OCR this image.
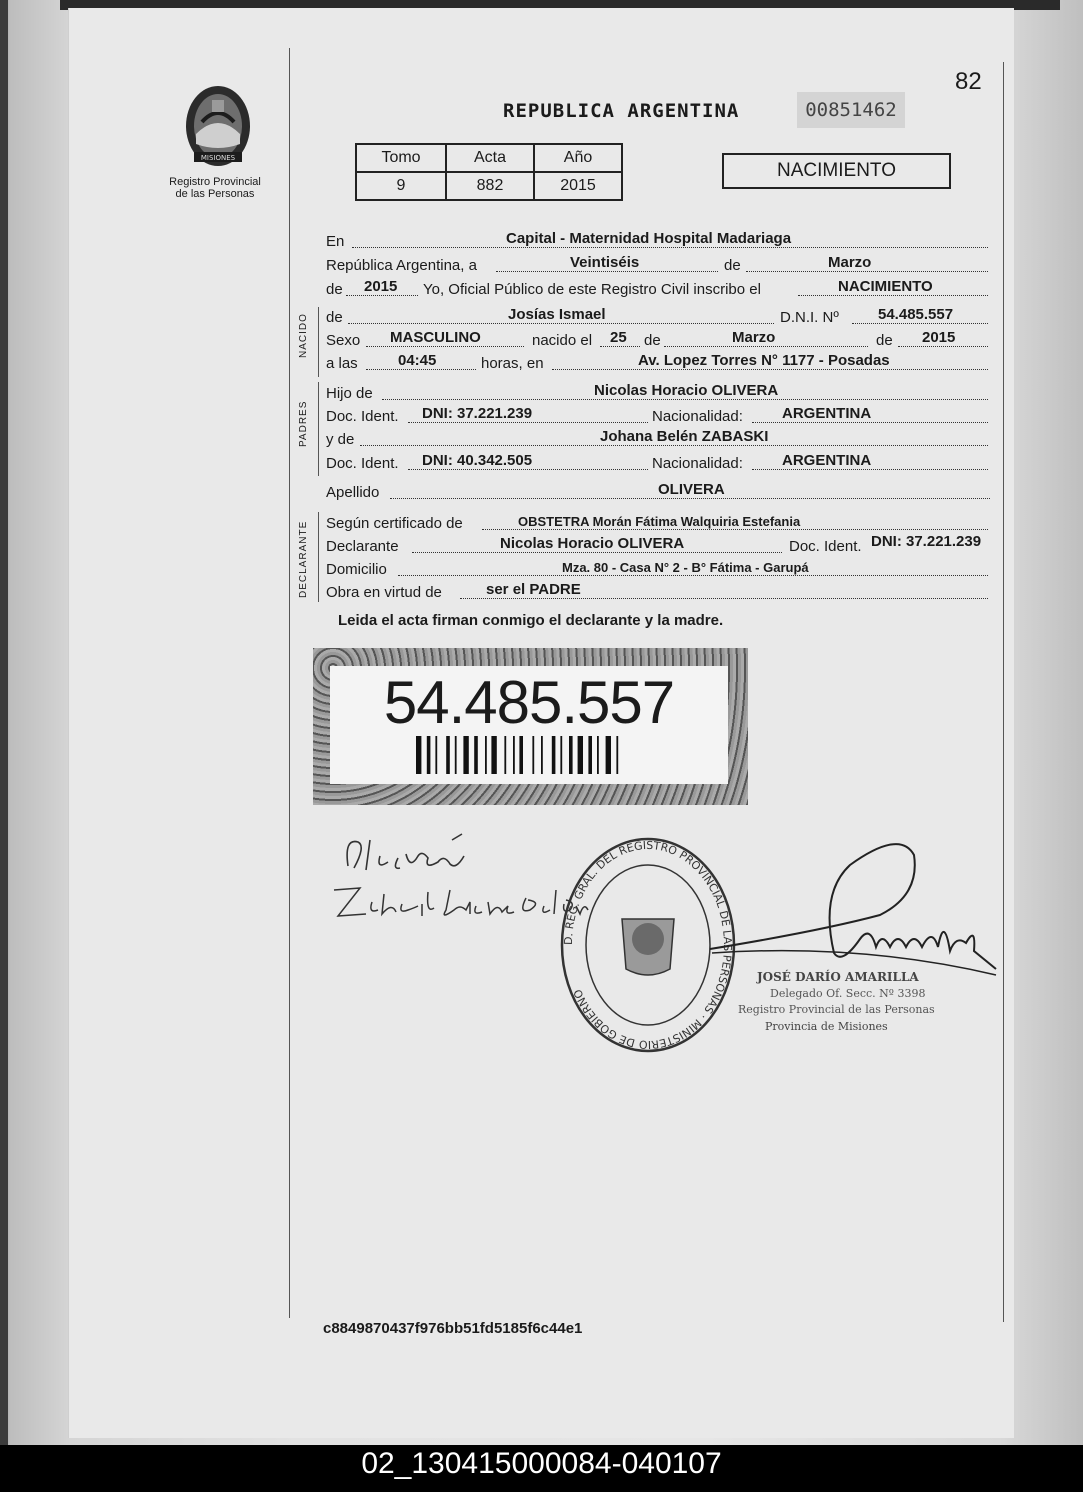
82
MISIONES
Registro Provincial
de las Personas
REPUBLICA ARGENTINA	00851462
Tomo	Acta	Año
9	882	2015
NACIMIENTO
En	Capital - Maternidad Hospital Madariaga
República Argentina, a	Veintiséis	de	Marzo
de 2015 Yo, Oficial Público de este Registro Civil inscribo el	NACIMIENTO
de	Josías Ismael	D.N.I. Nº	54.485.557
Sexo MASCULINO	nacido el 25 de	Marzo	de 2015
a las	04:45	horas, en	Av. Lopez Torres N° 1177 - Posadas
Hijo de	Nicolas Horacio OLIVERA
Doc. Ident. DNI: 37.221.239	Nacionalidad:	ARGENTINA
y de	Johana Belén ZABASKI
Doc. Ident. DNI: 40.342.505	Nacionalidad:	ARGENTINA
Apellido	OLIVERA
Según certificado de	OBSTETRA Morán Fátima Walquiria Estefania
Declarante	Nicolas Horacio OLIVERA	Doc. Ident. DNI: 37.221.239
Domicilio	Mza. 80 - Casa N° 2 - B° Fátima - Garupá
Obra en virtud de	ser el PADRE
NACIDO
PADRES
DECLARANTE
Leida el acta firman conmigo el declarante y la madre.
54.485.557
D. REG. GRAL. DEL REGISTRO PROVINCIAL DE LAS PERSONAS · MINISTERIO DE GOBIERNO
JOSÉ DARÍO AMARILLA
Delegado Of. Secc. Nº 3398
Registro Provincial de las Personas
Provincia de Misiones
c8849870437f976bb51fd5185f6c44e1
02_130415000084-040107
